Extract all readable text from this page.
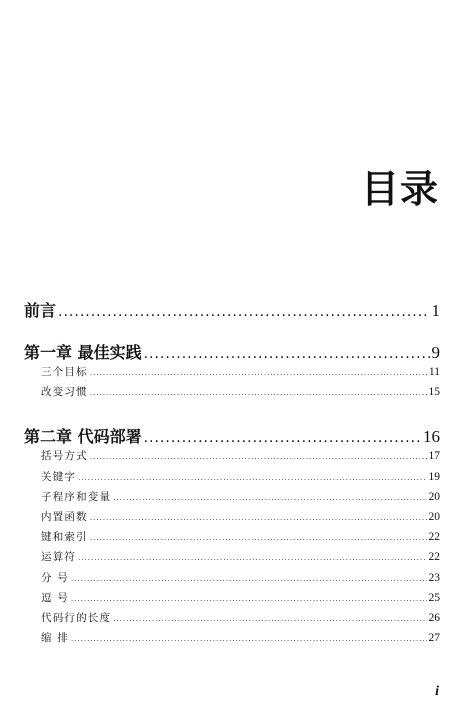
目录
前言 .....	1
第一章 最佳实践 .....	9
三个目标 .....	11
改变习惯 .....	15
第二章 代码部署 .....	16
括号方式 .....	17
关键字 .....	19
子程序和变量 .....	20
内置函数 .....	20
键和索引 .....	22
运算符 .....	22
分 号 .....	23
逗 号 .....	25
代码行的长度 .....	26
缩 排 .....	27
i
